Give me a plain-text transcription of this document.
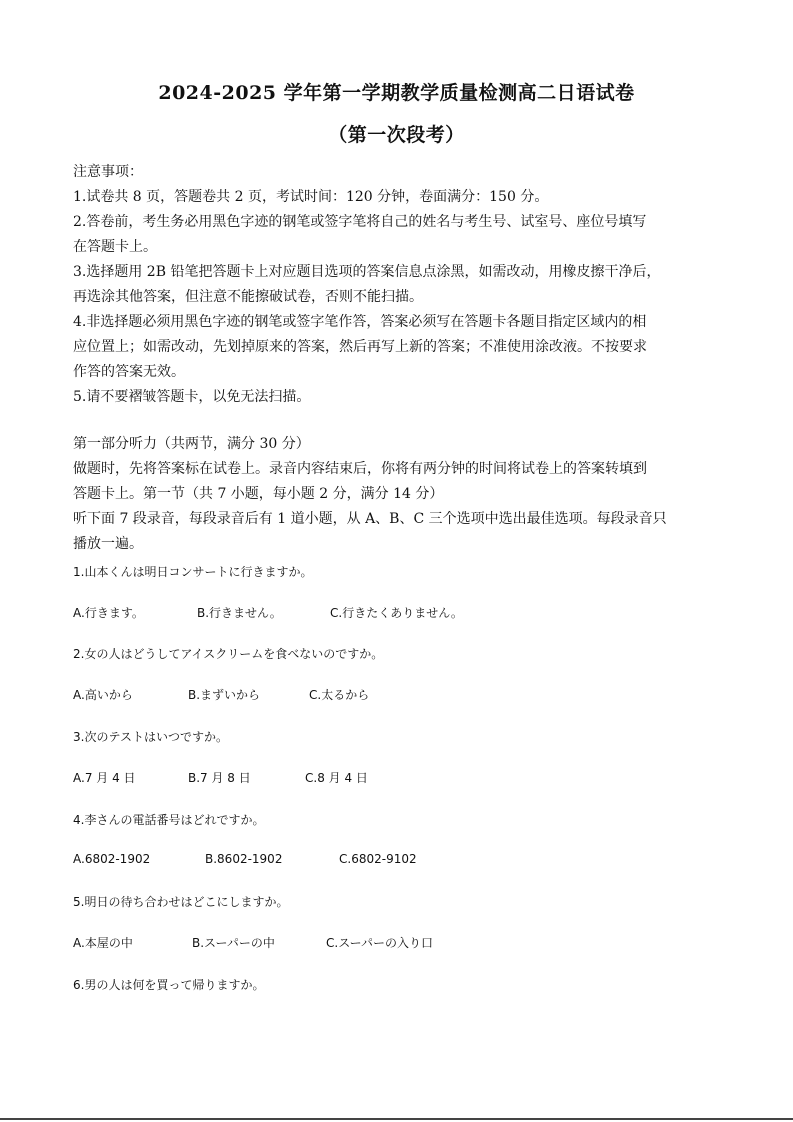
2024-2025 学年第一学期教学质量检测高二日语试卷
（第一次段考）

注意事项：

1.试卷共 8 页，答题卷共 2 页，考试时间：120 分钟，卷面满分：150 分。

2.答卷前，考生务必用黑色字迹的钢笔或签字笔将自己的姓名与考生号、试室号、座位号填写

在答题卡上。

3.选择题用 2B 铅笔把答题卡上对应题目选项的答案信息点涂黑，如需改动，用橡皮擦干净后，

再选涂其他答案，但注意不能擦破试卷，否则不能扫描。

4.非选择题必须用黑色字迹的钢笔或签字笔作答，答案必须写在答题卡各题目指定区域内的相

应位置上；如需改动，先划掉原来的答案，然后再写上新的答案；不准使用涂改液。不按要求

作答的答案无效。

5.请不要褶皱答题卡，以免无法扫描。

第一部分听力（共两节，满分 30 分）

做题时，先将答案标在试卷上。录音内容结束后，你将有两分钟的时间将试卷上的答案转填到

答题卡上。第一节（共 7 小题，每小题 2 分，满分 14 分）

听下面 7 段录音，每段录音后有 1 道小题，从 A、B、C 三个选项中选出最佳选项。每段录音只

播放一遍。

1.山本くんは明日コンサートに行きますか。
A.行きます。	B.行きません。	C.行きたくありません。
2.女の人はどうしてアイスクリームを食べないのですか。
A.高いから	B.まずいから	C.太るから
3.次のテストはいつですか。
A.7 月 4 日	B.7 月 8 日	C.8 月 4 日
4.李さんの電話番号はどれですか。
A.6802-1902	B.8602-1902	C.6802-9102
5.明日の待ち合わせはどこにしますか。
A.本屋の中	B.スーパーの中	C.スーパーの入り口
6.男の人は何を買って帰りますか。
